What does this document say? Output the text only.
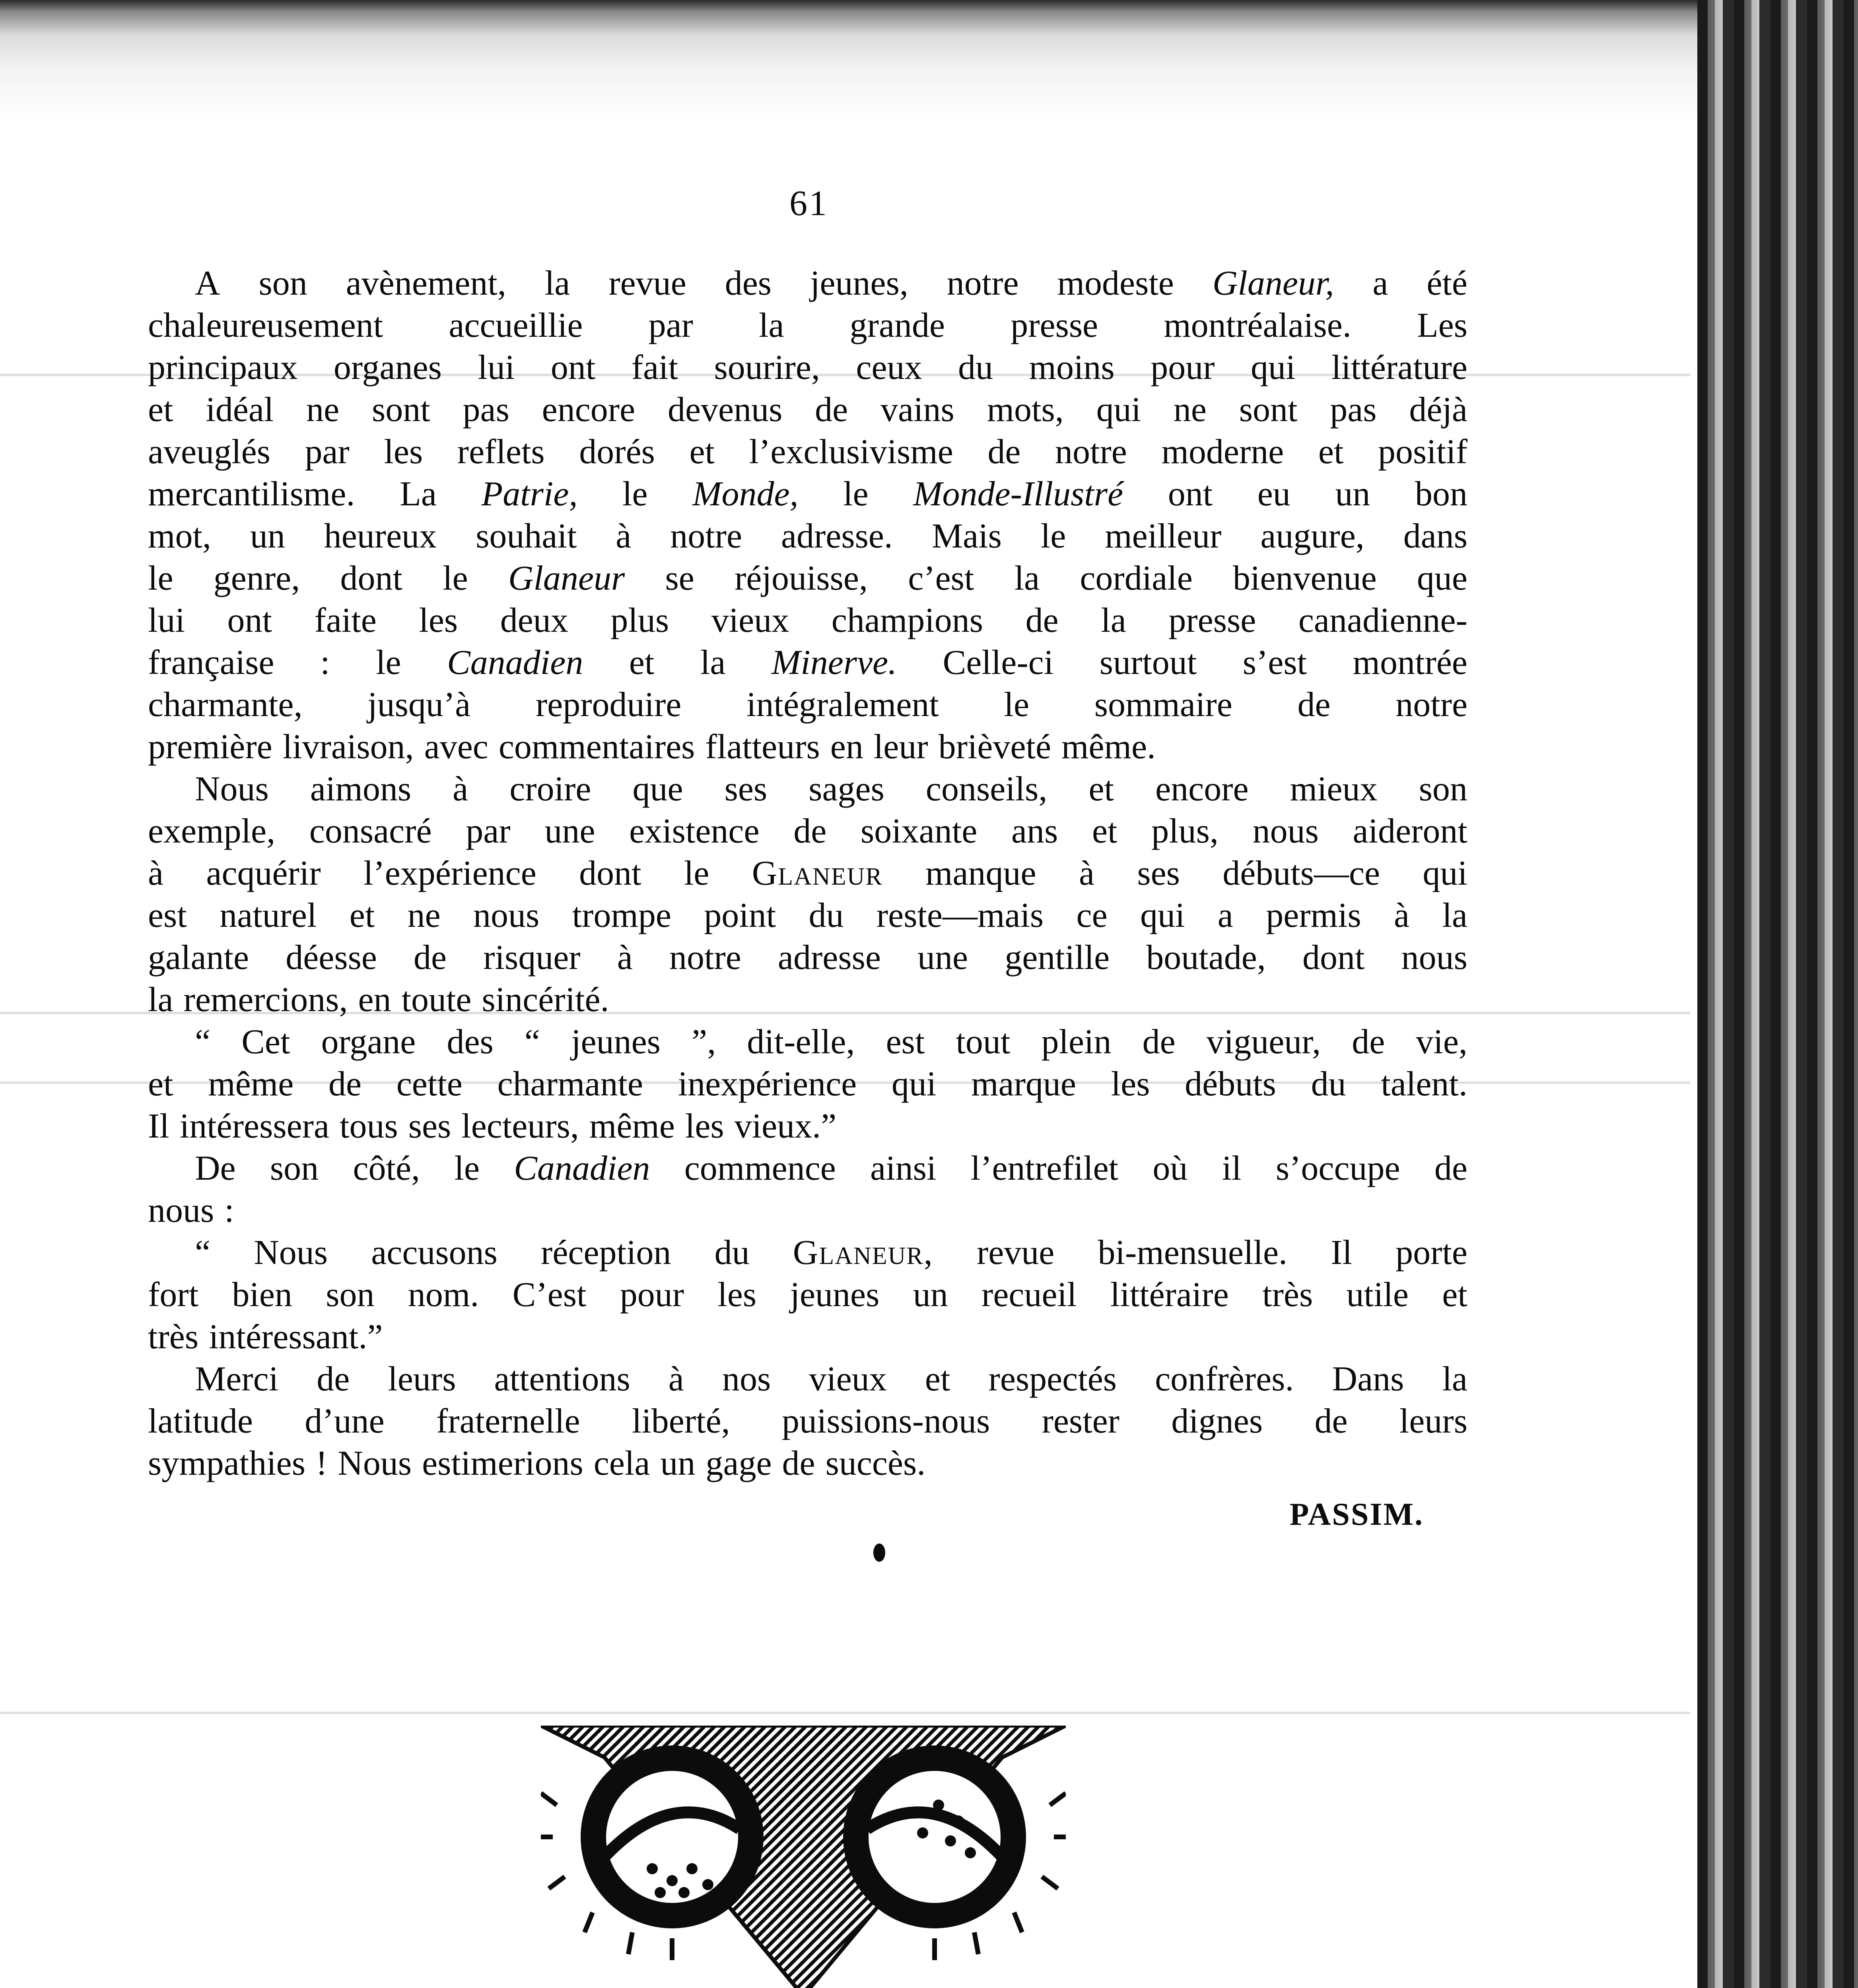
61
A son avènement, la revue des jeunes, notre modeste Glaneur, a été
chaleureusement accueillie par la grande presse montréalaise. Les
principaux organes lui ont fait sourire, ceux du moins pour qui littérature
et idéal ne sont pas encore devenus de vains mots, qui ne sont pas déjà
aveuglés par les reflets dorés et l’exclusivisme de notre moderne et positif
mercantilisme. La Patrie, le Monde, le Monde-Illustré ont eu un bon
mot, un heureux souhait à notre adresse. Mais le meilleur augure, dans
le genre, dont le Glaneur se réjouisse, c’est la cordiale bienvenue que
lui ont faite les deux plus vieux champions de la presse canadienne-
française : le Canadien et la Minerve. Celle-ci surtout s’est montrée
charmante, jusqu’à reproduire intégralement le sommaire de notre
première livraison, avec commentaires flatteurs en leur brièveté même.
Nous aimons à croire que ses sages conseils, et encore mieux son
exemple, consacré par une existence de soixante ans et plus, nous aideront
à acquérir l’expérience dont le Glaneur manque à ses débuts—ce qui
est naturel et ne nous trompe point du reste—mais ce qui a permis à la
galante déesse de risquer à notre adresse une gentille boutade, dont nous
la remercions, en toute sincérité.
“ Cet organe des “ jeunes ”, dit-elle, est tout plein de vigueur, de vie,
et même de cette charmante inexpérience qui marque les débuts du talent.
Il intéressera tous ses lecteurs, même les vieux.”
De son côté, le Canadien commence ainsi l’entrefilet où il s’occupe de
nous :
“ Nous accusons réception du Glaneur, revue bi-mensuelle. Il porte
fort bien son nom. C’est pour les jeunes un recueil littéraire très utile et
très intéressant.”
Merci de leurs attentions à nos vieux et respectés confrères. Dans la
latitude d’une fraternelle liberté, puissions-nous rester dignes de leurs
sympathies ! Nous estimerions cela un gage de succès.
PASSIM.
